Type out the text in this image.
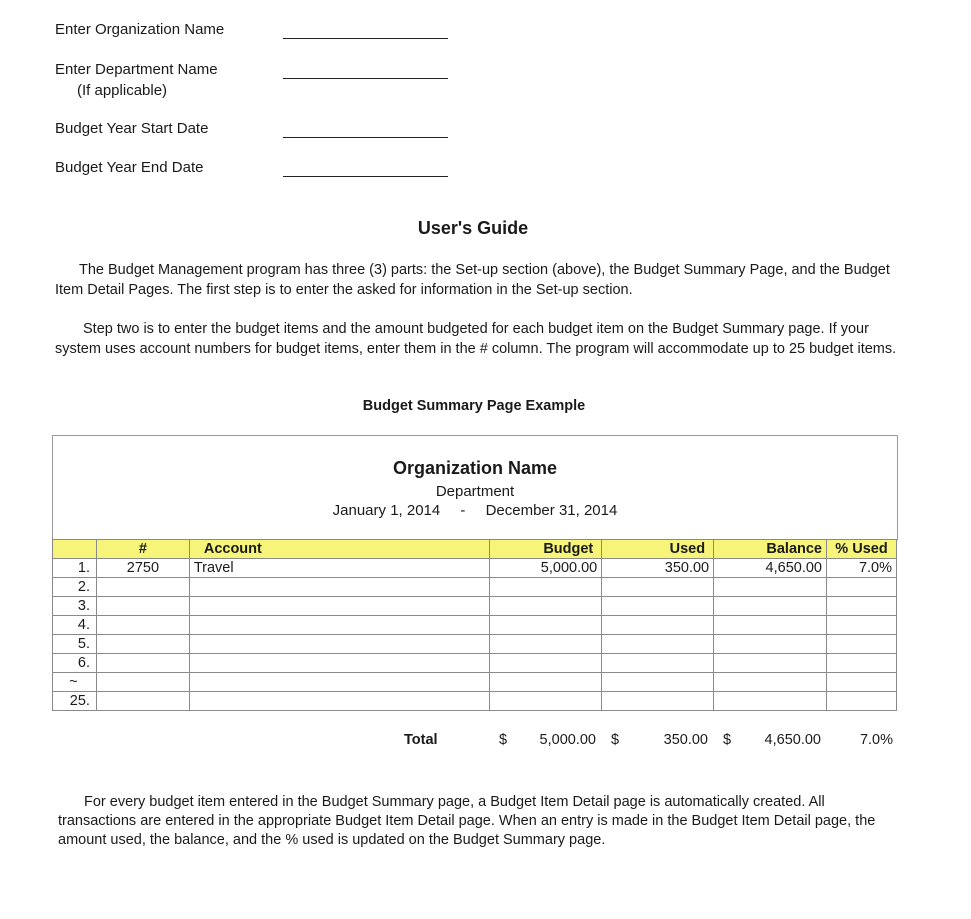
Enter Organization Name
Enter Department Name
(If applicable)
Budget Year Start Date
Budget Year End Date
User's Guide
The Budget Management program has three (3) parts: the Set-up section (above), the Budget Summary Page, and the Budget Item Detail Pages. The first step is to enter the asked for information in the Set-up section.
Step two is to enter the budget items and the amount budgeted for each budget item on the Budget Summary page. If your system uses account numbers for budget items, enter them in the # column. The program will accommodate up to 25 budget items.
Budget Summary Page Example
Organization Name
Department
January 1, 2014 - December 31, 2014
	#	Account	Budget	Used	Balance	% Used
1.	2750	Travel	5,000.00	350.00	4,650.00	7.0%
2.						
3.						
4.						
5.						
6.						
~						
25.						
Total	$	5,000.00 $	350.00 $	4,650.00	7.0%
For every budget item entered in the Budget Summary page, a Budget Item Detail page is automatically created. All transactions are entered in the appropriate Budget Item Detail page. When an entry is made in the Budget Item Detail page, the amount used, the balance, and the % used is updated on the Budget Summary page.
